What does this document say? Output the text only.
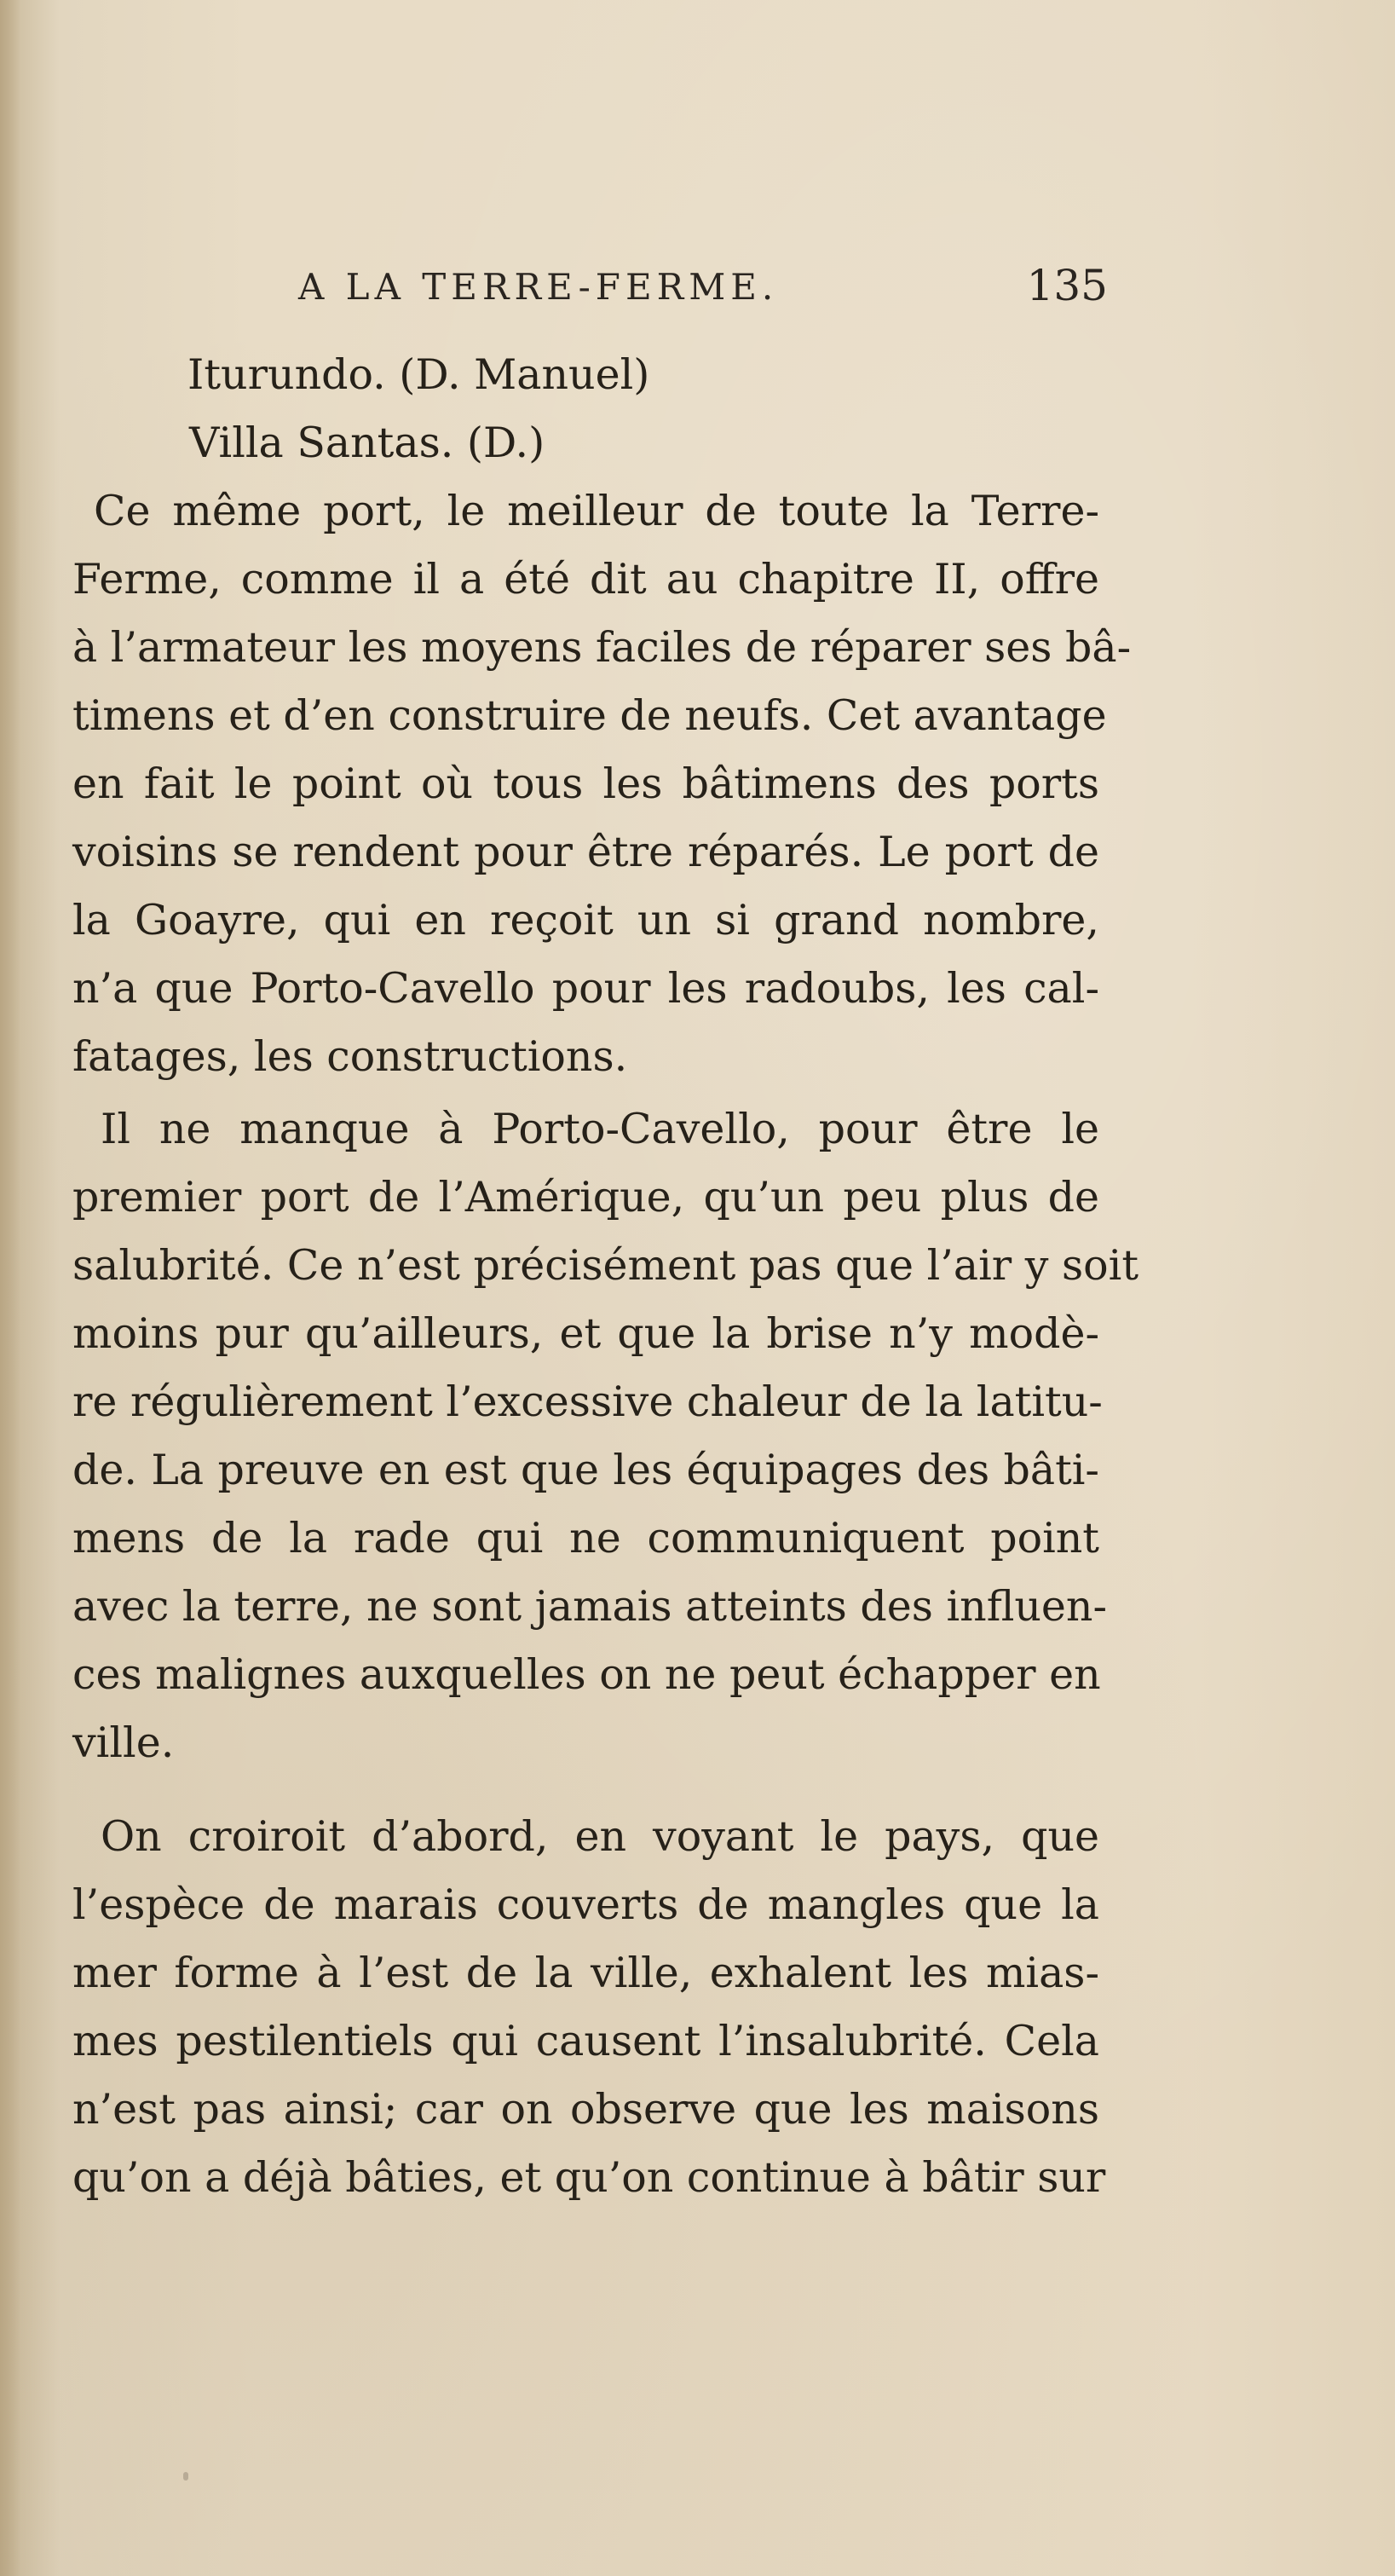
A LA TERRE-FERME.	135
Iturundo. (D. Manuel)
Villa Santas. (D.)
Ce même port, le meilleur de toute la Terre-
Ferme, comme il a été dit au chapitre II, offre
à l’armateur les moyens faciles de réparer ses bâ-
timens et d’en construire de neufs. Cet avantage
en fait le point où tous les bâtimens des ports
voisins se rendent pour être réparés. Le port de
la Goayre, qui en reçoit un si grand nombre,
n’a que Porto-Cavello pour les radoubs, les cal-
fatages, les constructions.
Il ne manque à Porto-Cavello, pour être le
premier port de l’Amérique, qu’un peu plus de
salubrité. Ce n’est précisément pas que l’air y soit
moins pur qu’ailleurs, et que la brise n’y modè-
re régulièrement l’excessive chaleur de la latitu-
de. La preuve en est que les équipages des bâti-
mens de la rade qui ne communiquent point
avec la terre, ne sont jamais atteints des influen-
ces malignes auxquelles on ne peut échapper en
ville.
On croiroit d’abord, en voyant le pays, que
l’espèce de marais couverts de mangles que la
mer forme à l’est de la ville, exhalent les mias-
mes pestilentiels qui causent l’insalubrité. Cela
n’est pas ainsi; car on observe que les maisons
qu’on a déjà bâties, et qu’on continue à bâtir sur
